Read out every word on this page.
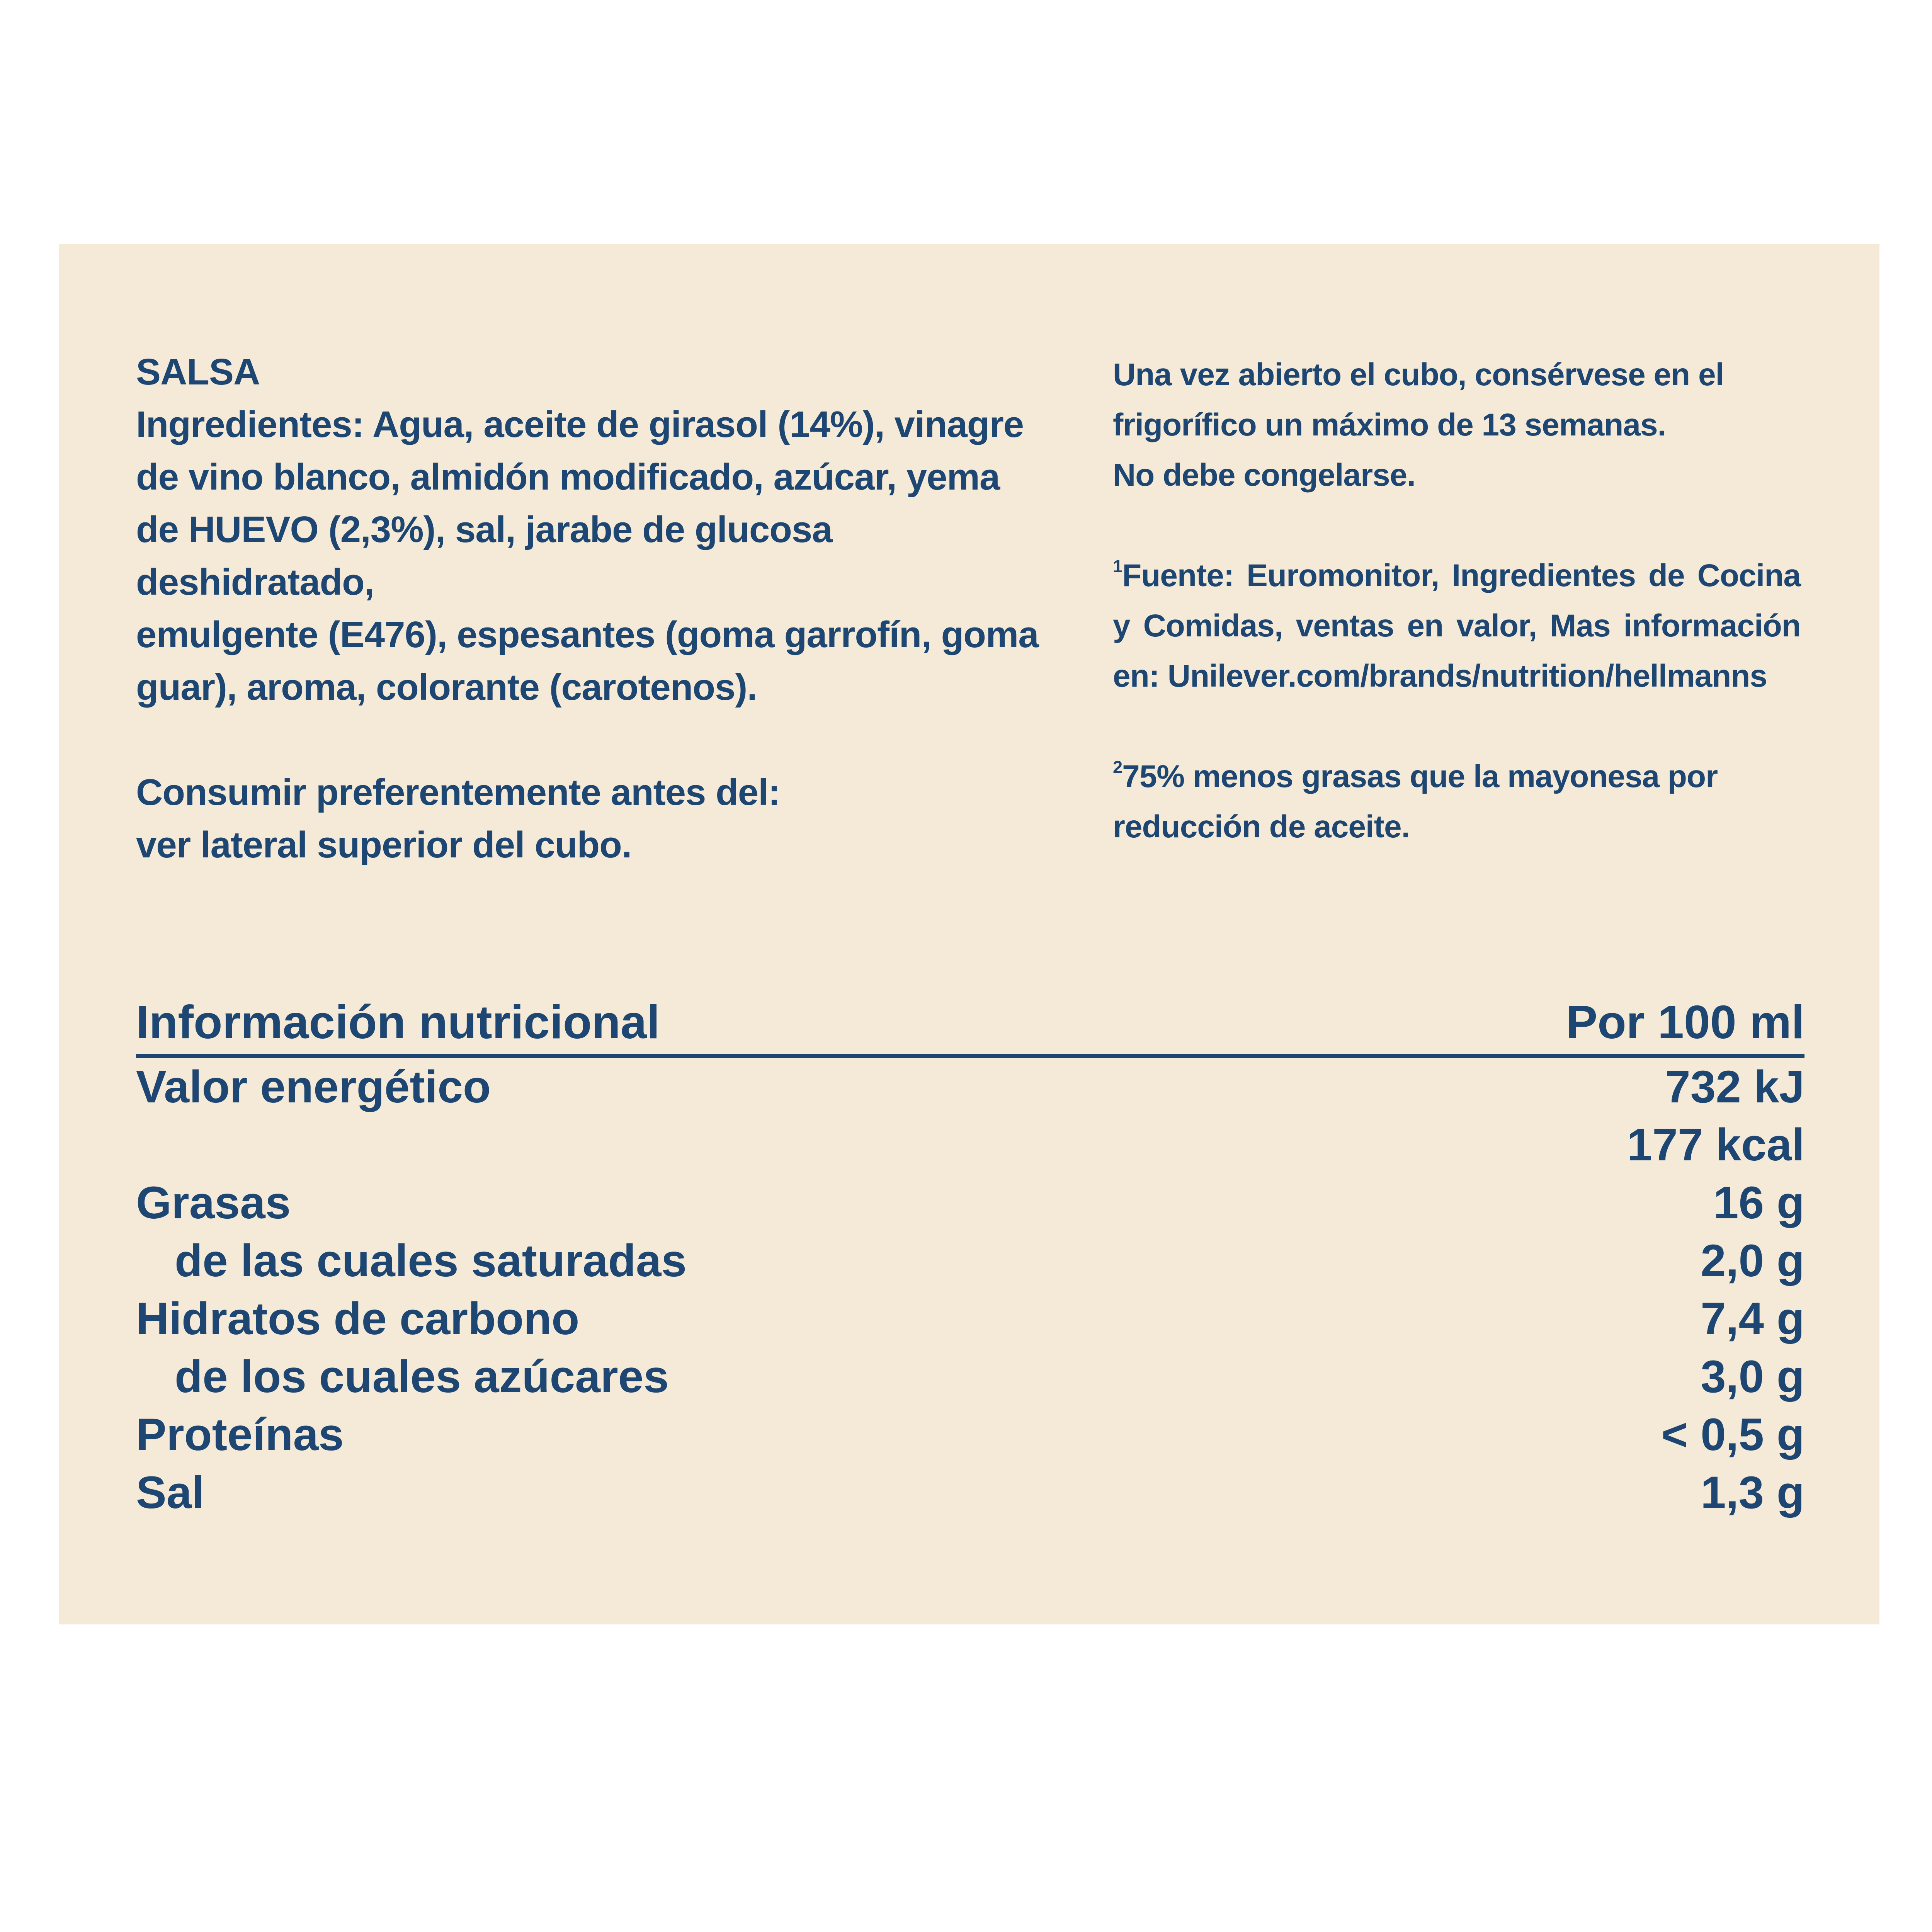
SALSA

Ingredientes: Agua, aceite de girasol (14%), vinagre
de vino blanco, almidón modificado, azúcar, yema
de HUEVO (2,3%), sal, jarabe de glucosa deshidratado,
emulgente (E476), espesantes (goma garrofín, goma
guar), aroma, colorante (carotenos).

Consumir preferentemente antes del:
ver lateral superior del cubo.

Una vez abierto el cubo, consérvese en el
frigorífico un máximo de 13 semanas.
No debe congelarse.

$^1$Fuente: Euromonitor, Ingredientes de Cocina y Comidas, ventas en valor, Mas información en: Unilever.com/brands/nutrition/hellmanns

$^2$75% menos grasas que la mayonesa por
reducción de aceite.

Información nutricional	Por 100 ml
Valor energético	732 kJ
177 kcal
Grasas	16 g
de las cuales saturadas	2,0 g
Hidratos de carbono	7,4 g
de los cuales azúcares	3,0 g
Proteínas	< 0,5 g
Sal	1,3 g
